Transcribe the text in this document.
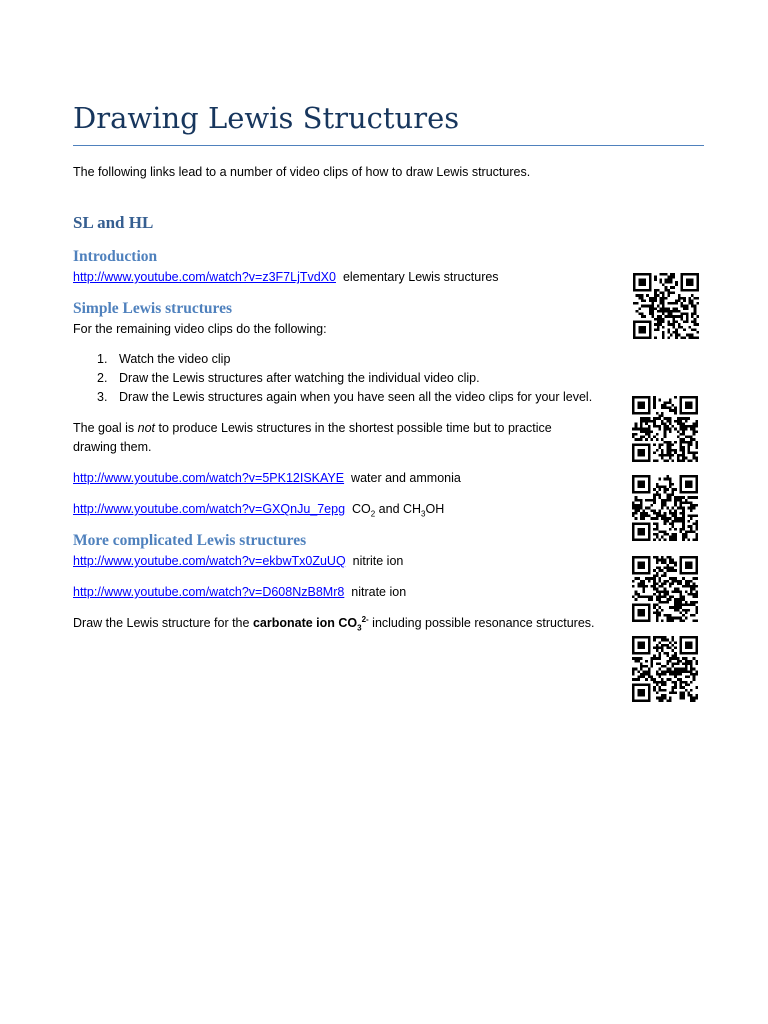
Drawing Lewis Structures

The following links lead to a number of video clips of how to draw Lewis structures.

SL and HL
Introduction

http://www.youtube.com/watch?v=z3F7LjTvdX0 elementary Lewis structures

Simple Lewis structures

For the remaining video clips do the following:

1. Watch the video clip
2. Draw the Lewis structures after watching the individual video clip.
3. Draw the Lewis structures again when you have seen all the video clips for your level.

The goal is not to produce Lewis structures in the shortest possible time but to practice

drawing them.

http://www.youtube.com/watch?v=5PK12ISKAYE water and ammonia

http://www.youtube.com/watch?v=GXQnJu_7epg $CO_2$ and $CH_3OH$

More complicated Lewis structures

http://www.youtube.com/watch?v=ekbwTx0ZuUQ nitrite ion

http://www.youtube.com/watch?v=D608NzB8Mr8 nitrate ion

Draw the Lewis structure for the carbonate ion $CO_3^{2-}$ including possible resonance structures.
